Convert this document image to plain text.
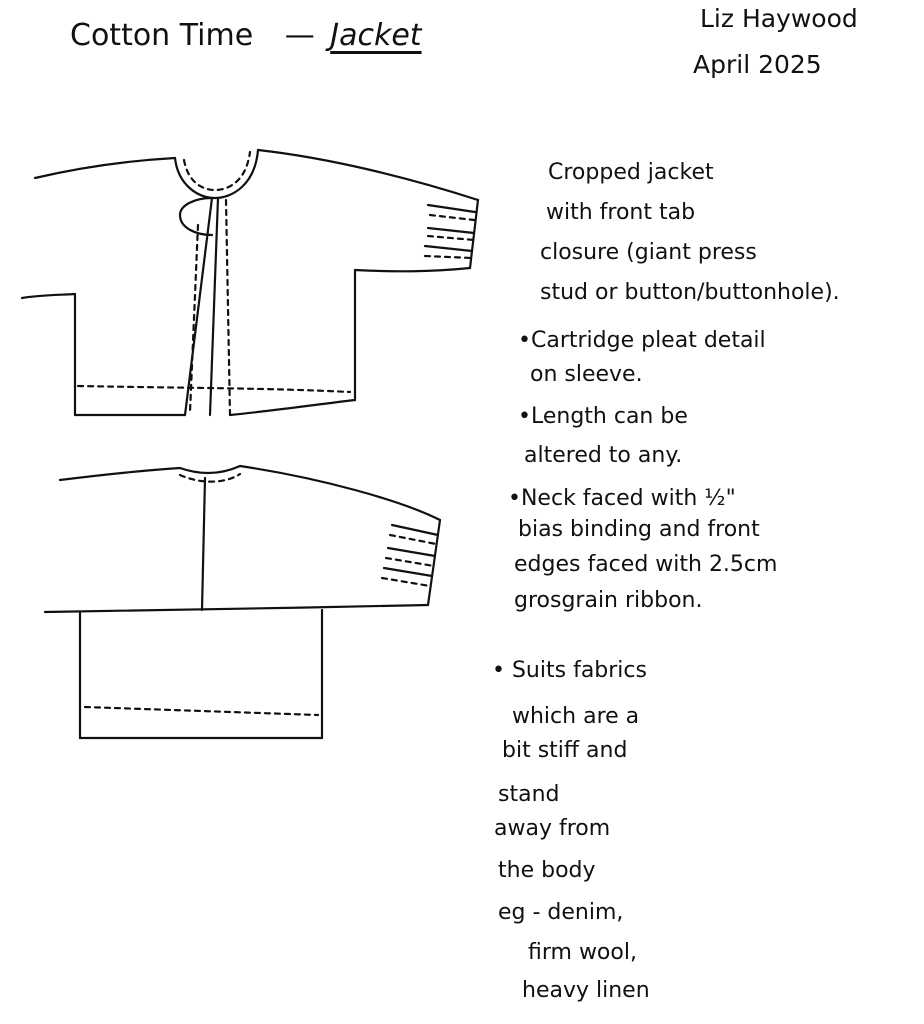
Cotton Time — Jacket	Liz Haywood
April 2025
Cropped jacket
with front tab
closure (giant press
stud or button/buttonhole).
•Cartridge pleat detail
on sleeve.
•Length can be
altered to any.
•Neck faced with ½"
bias binding and front
edges faced with 2.5cm
grosgrain ribbon.
• Suits fabrics
which are a
bit stiff and
stand
away from
the body
eg - denim,
firm wool,
heavy linen
